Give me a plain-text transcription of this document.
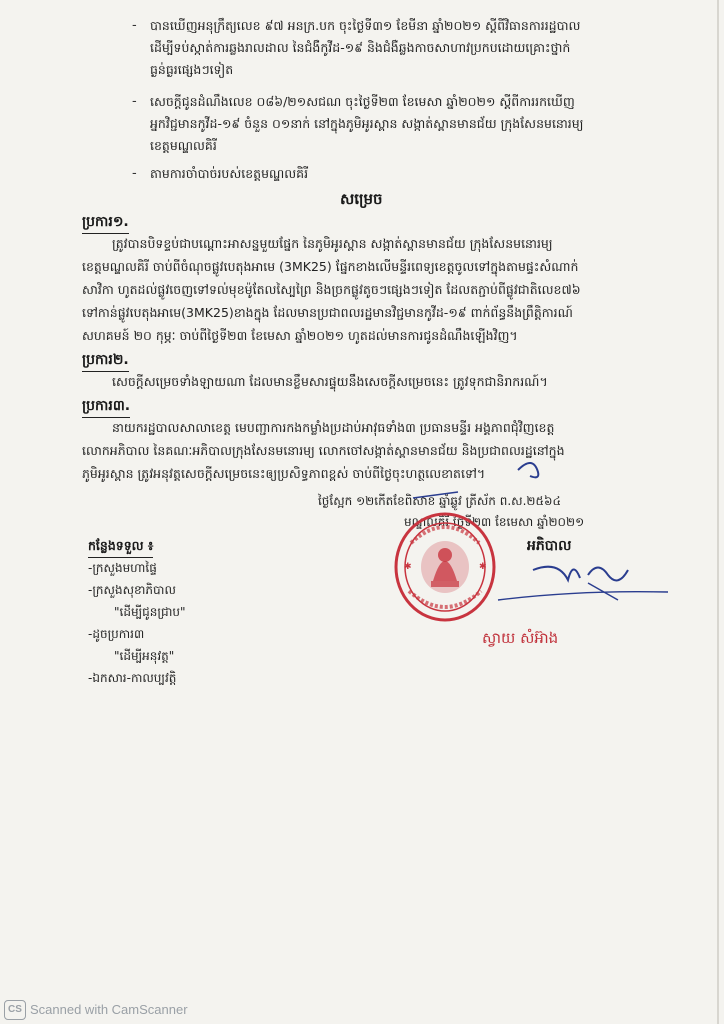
- បានឃើញអនុក្រឹត្យលេខ ៩៧ អនក្រ.បក ចុះថ្ងៃទី៣១ ខែមីនា ឆ្នាំ២០២១ ស្តីពីវិធានការរដ្ឋបាល
ដើម្បីទប់ស្កាត់ការឆ្លងរាលដាល នៃជំងឺកូវីដ-១៩ និងជំងឺឆ្លងកាចសាហាវប្រកបដោយគ្រោះថ្នាក់
ធ្ងន់ធ្ងរផ្សេងៗទៀត
- សេចក្តីជូនដំណឹងលេខ ០៨៦/២១សជណ ចុះថ្ងៃទី២៣ ខែមេសា ឆ្នាំ២០២១ ស្តីពីការរកឃើញ
អ្នកវិជ្ជមានកូវីដ-១៩ ចំនួន ០១នាក់ នៅក្នុងភូមិអូរស្ពាន សង្កាត់ស្ពានមានជ័យ ក្រុងសែនមនោរម្យ
ខេត្តមណ្ឌលគិរី
- តាមការចាំបាច់របស់ខេត្តមណ្ឌលគិរី
សម្រេច
ប្រការ១.
ត្រូវបានបិទខ្ទប់ជាបណ្តោះអាសន្នមួយផ្នែក នៃភូមិអូរស្ពាន សង្កាត់ស្ពានមានជ័យ ក្រុងសែនមនោរម្យ
ខេត្តមណ្ឌលគិរី ចាប់ពីចំណុចផ្លូវបេតុងអាមេ (3MK25) ផ្នែកខាងលើមន្ទីរពេទ្យខេត្តចូលទៅក្នុងតាមផ្ទះសំណាក់
សាវិកា ហូតដល់ផ្លូវចេញទៅទល់មុខម៉ូតែលស្បៃព្រៃ និងច្រកផ្លូវតូចៗផ្សេងៗទៀត ដែលតភ្ជាប់ពីផ្លូវជាតិលេខ៧៦
ទៅកាន់ផ្លូវបេតុងអាមេ(3MK25)ខាងក្នុង ដែលមានប្រជាពលរដ្ឋមានវិជ្ជមានកូវីដ-១៩ ពាក់ព័ន្ធនឹងព្រឹត្តិការណ៍
សហគមន៍ ២០ កុម្ភៈ ចាប់ពីថ្ងៃទី២៣ ខែមេសា ឆ្នាំ២០២១ ហូតដល់មានការជូនដំណឹងឡើងវិញ។
ប្រការ២.
សេចក្តីសម្រេចទាំងឡាយណា ដែលមានខ្លឹមសារផ្ទុយនឹងសេចក្តីសម្រេចនេះ ត្រូវទុកជានិរាករណ៍។
ប្រការ៣.
នាយករដ្ឋបាលសាលាខេត្ត មេបញ្ជាការកងកម្លាំងប្រដាប់អាវុធទាំង៣ ប្រធានមន្ទីរ អង្គភាពជុំវិញខេត្ត
លោកអភិបាល នៃគណៈអភិបាលក្រុងសែនមនោរម្យ លោកចៅសង្កាត់ស្ពានមានជ័យ និងប្រជាពលរដ្ឋនៅក្នុង
ភូមិអូរស្ពាន ត្រូវអនុវត្តសេចក្តីសម្រេចនេះឲ្យប្រសិទ្ធភាពខ្ពស់ ចាប់ពីថ្ងៃចុះហត្ថលេខាតទៅ។
ថ្ងៃស្អែក ១២កើតខែពិសាខ ឆ្នាំឆ្លូវ ត្រីស័ក ព.ស.២៥៦៤
មណ្ឌលគិរី ថ្ងៃទី២៣ ខែមេសា ឆ្នាំ២០២១
អភិបាល
✱	✱
ស្វាយ សំអ៊ាង
កន្លែងទទួល ៖
-ក្រសួងមហាផ្ទៃ
-ក្រសួងសុខាភិបាល
"ដើម្បីជូនជ្រាប"
-ដូចប្រការ៣
"ដើម្បីអនុវត្ត"
-ឯកសារ-កាលប្បវត្តិ
CS Scanned with CamScanner
